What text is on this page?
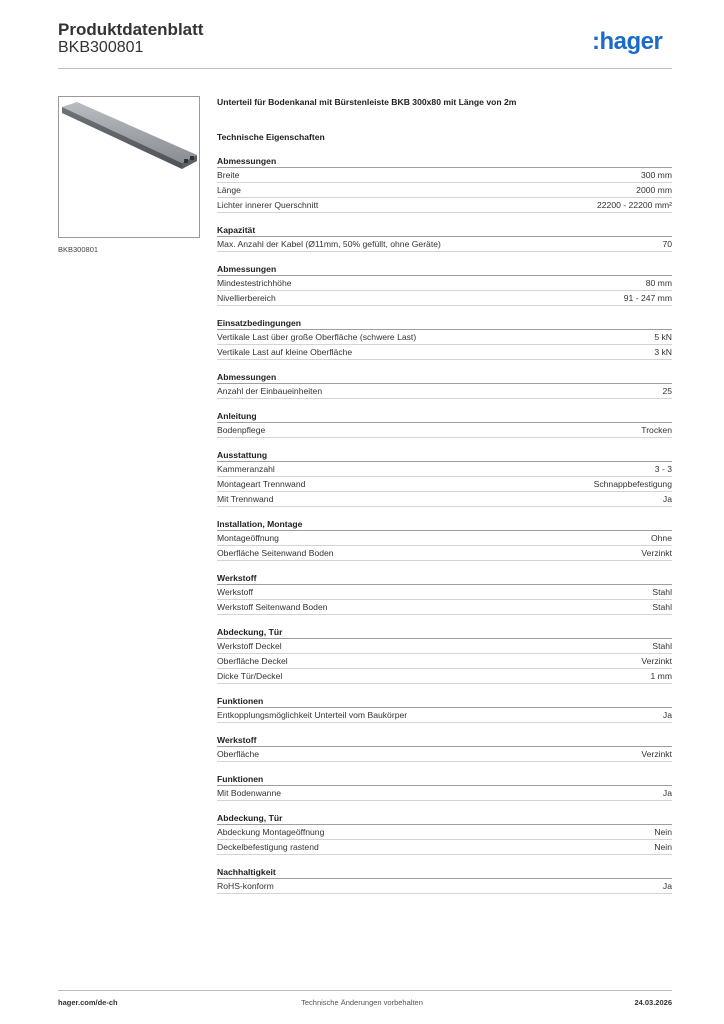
Produktdatenblatt
BKB300801	:hager
BKB300801
Unterteil für Bodenkanal mit Bürstenleiste BKB 300x80 mit Länge von 2m
Technische Eigenschaften
Abmessungen
Breite	300 mm
Länge	2000 mm
Lichter innerer Querschnitt	22200 - 22200 mm²
Kapazität
Max. Anzahl der Kabel (Ø11mm, 50% gefüllt, ohne Geräte)	70
Abmessungen
Mindestestrichhöhe	80 mm
Nivellierbereich	91 - 247 mm
Einsatzbedingungen
Vertikale Last über große Oberfläche (schwere Last)	5 kN
Vertikale Last auf kleine Oberfläche	3 kN
Abmessungen
Anzahl der Einbaueinheiten	25
Anleitung
Bodenpflege	Trocken
Ausstattung
Kammeranzahl	3 - 3
Montageart Trennwand	Schnappbefestigung
Mit Trennwand	Ja
Installation, Montage
Montageöffnung	Ohne
Oberfläche Seitenwand Boden	Verzinkt
Werkstoff
Werkstoff	Stahl
Werkstoff Seitenwand Boden	Stahl
Abdeckung, Tür
Werkstoff Deckel	Stahl
Oberfläche Deckel	Verzinkt
Dicke Tür/Deckel	1 mm
Funktionen
Entkopplungsmöglichkeit Unterteil vom Baukörper	Ja
Werkstoff
Oberfläche	Verzinkt
Funktionen
Mit Bodenwanne	Ja
Abdeckung, Tür
Abdeckung Montageöffnung	Nein
Deckelbefestigung rastend	Nein
Nachhaltigkeit
RoHS-konform	Ja
hager.com/de-ch	Technische Änderungen vorbehalten	24.03.2026
